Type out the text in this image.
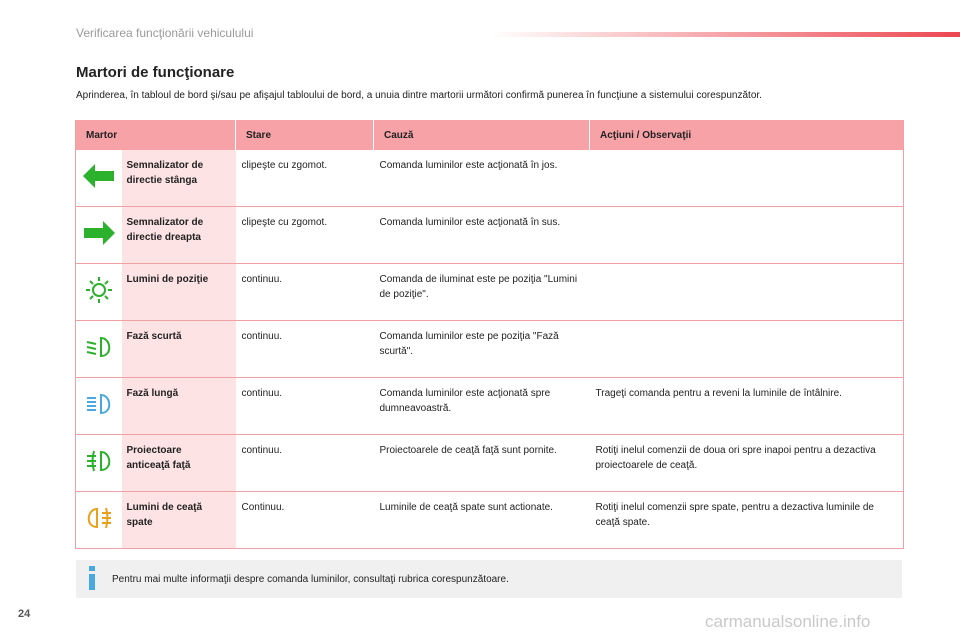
Verificarea funcţionării vehiculului
Martori de funcţionare
Aprinderea, în tabloul de bord şi/sau pe afişajul tabloului de bord, a unuia dintre martorii următori confirmă punerea în funcţiune a sistemului corespunzător.
Martor		Stare	Cauză	Acţiuni / Observaţii
	Semnalizator de directie stânga	clipeşte cu zgomot.	Comanda luminilor este acţionată în jos.	
	Semnalizator de directie dreapta	clipeşte cu zgomot.	Comanda luminilor este acţionată în sus.	
	Lumini de poziţie	continuu.	Comanda de iluminat este pe poziţia "Lumini de poziţie".	
	Fază scurtă	continuu.	Comanda luminilor este pe poziţia "Fază scurtă".	
	Fază lungă	continuu.	Comanda luminilor este acţionată spre dumneavoastră.	Trageţi comanda pentru a reveni la luminile de întâlnire.
	Proiectoare anticeaţă faţă	continuu.	Proiectoarele de ceaţă faţă sunt pornite.	Rotiţi inelul comenzii de doua ori spre inapoi pentru a dezactiva proiectoarele de ceaţă.
	Lumini de ceaţă spate	Continuu.	Luminile de ceaţă spate sunt actionate.	Rotiţi inelul comenzii spre spate, pentru a dezactiva luminile de ceaţă spate.
Pentru mai multe informaţii despre comanda luminilor, consultaţi rubrica corespunzătoare.
24	carmanualsonline.info
